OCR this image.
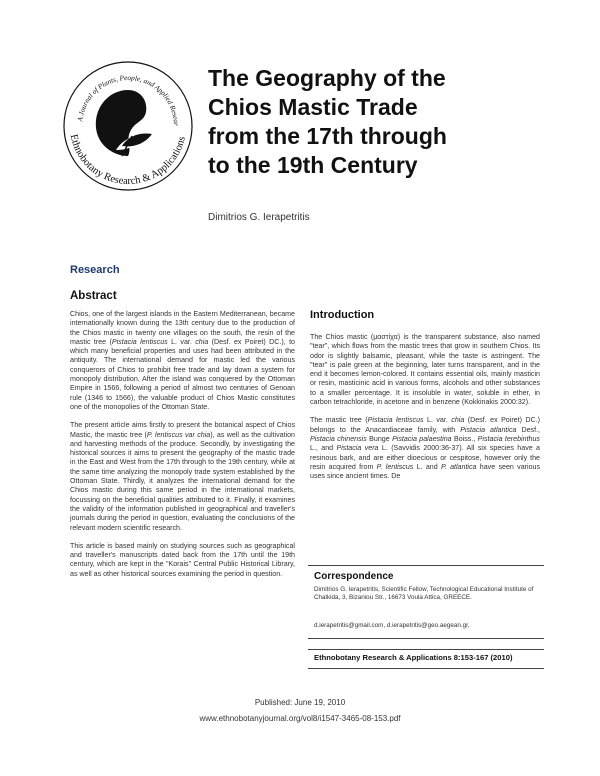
A Journal of Plants, People, and Applied Resear
Ethnobotany Research & Applications
The Geography of the
Chios Mastic Trade
from the 17th through
to the 19th Century
Dimitrios G. Ierapetritis
Research
Abstract

Chios, one of the largest islands in the Eastern Mediterranean, became internationally known during the 13th century due to the production of the Chios mastic in twenty one villages on the south, the resin of the mastic tree (Pistacia lentiscus L. var. chia (Desf. ex Poiret) DC.), to which many beneficial properties and uses had been attributed in the antiquity. The international demand for mastic led the various conquerors of Chios to prohibit free trade and lay down a system for monopoly distribution. After the island was conquered by the Ottoman Empire in 1566, following a period of almost two centuries of Genoan rule (1346 to 1566), the valuable product of Chios Mastic constitutes one of the monopolies of the Ottoman State.

The present article aims firstly to present the botanical aspect of Chios Mastic, the mastic tree (P. lentiscus var chia), as well as the cultivation and harvesting methods of the produce. Secondly, by investigating the historical sources it aims to present the geography of the mastic trade in the East and West from the 17th through to the 19th century, while at the same time analyzing the monopoly trade system established by the Ottoman State. Thirdly, it analyzes the international demand for the Chios mastic during this same period in the international markets, focussing on the beneficial qualities attributed to it. Finally, it examines the validity of the information published in geographical and traveller's journals during the period in question, evaluating the conclusions of the relevant modern scientific research.

This article is based mainly on studying sources such as geographical and traveller's manuscripts dated back from the 17th until the 19th century, which are kept in the "Korais" Central Public Historical Library, as well as other historical sources examining the period in question.

Introduction

The Chios mastic (μαστίχα) is the transparent substance, also named "tear", which flows from the mastic trees that grow in southern Chios. Its odor is slightly balsamic, pleasant, while the taste is astringent. The "tear" is pale green at the beginning, later turns transparent, and in the end it becomes lemon-colored. It contains essential oils, mainly masticin or resin, masticinic acid in various forms, alcohols and other substances to a smaller percentage. It is insoluble in water, soluble in ether, in carbon tetrachloride, in acetone and in benzene (Kokkinakis 2000:32).

The mastic tree (Pistacia lentiscus L. var. chia (Desf. ex Poiret) DC.) belongs to the Anacardiaceae family, with Pistacia atlantica Desf., Pistacia chinensis Bunge Pistacia palaestina Boiss., Pistacia terebinthus L., and Pistacia vera L. (Savvidis 2000:36-37). All six species have a resinous bark, and are either dioecious or cespitose, however only the resin acquired from P. lentiscus L. and P. atlantica have seen various uses since ancient times. De

Correspondence
Dimitrios G. Ierapetritis, Scientific Fellow, Technological Educational Institute of Chalkida, 3, Bizaniou Str., 16673 Voula Attica, GREECE.
d.ierapetritis@gmail.com, d.ierapetritis@geo.aegean.gr,
Ethnobotany Research & Applications 8:153-167 (2010)
Published: June 19, 2010
www.ethnobotanyjournal.org/vol8/i1547-3465-08-153.pdf
